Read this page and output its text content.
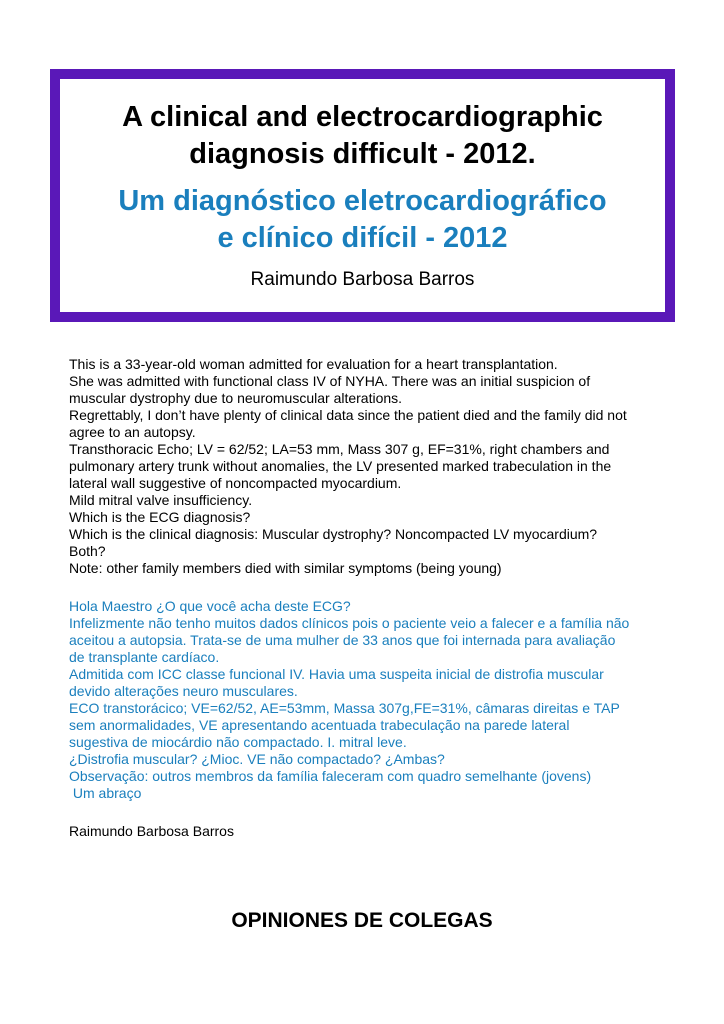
A clinical and electrocardiographic
diagnosis difficult - 2012.
Um diagnóstico eletrocardiográfico
e clínico difícil - 2012
Raimundo Barbosa Barros
This is a 33-year-old woman admitted for evaluation for a heart transplantation.
She was admitted with functional class IV of NYHA. There was an initial suspicion of
muscular dystrophy due to neuromuscular alterations.
Regrettably, I don’t have plenty of clinical data since the patient died and the family did not
agree to an autopsy.
Transthoracic Echo; LV = 62/52; LA=53 mm, Mass 307 g, EF=31%, right chambers and
pulmonary artery trunk without anomalies, the LV presented marked trabeculation in the
lateral wall suggestive of noncompacted myocardium.
Mild mitral valve insufficiency.
Which is the ECG diagnosis?
Which is the clinical diagnosis: Muscular dystrophy? Noncompacted LV myocardium?
Both?
Note: other family members died with similar symptoms (being young)
Hola Maestro ¿O que você acha deste ECG?
Infelizmente não tenho muitos dados clínicos pois o paciente veio a falecer e a família não
aceitou a autopsia. Trata-se de uma mulher de 33 anos que foi internada para avaliação
de transplante cardíaco.
Admitida com ICC classe funcional IV. Havia uma suspeita inicial de distrofia muscular
devido alterações neuro musculares.
ECO transtorácico; VE=62/52, AE=53mm, Massa 307g,FE=31%, câmaras direitas e TAP
sem anormalidades, VE apresentando acentuada trabeculação na parede lateral
sugestiva de miocárdio não compactado. I. mitral leve.
¿Distrofia muscular? ¿Mioc. VE não compactado? ¿Ambas?
Observação: outros membros da família faleceram com quadro semelhante (jovens)
Um abraço
Raimundo Barbosa Barros
OPINIONES DE COLEGAS
